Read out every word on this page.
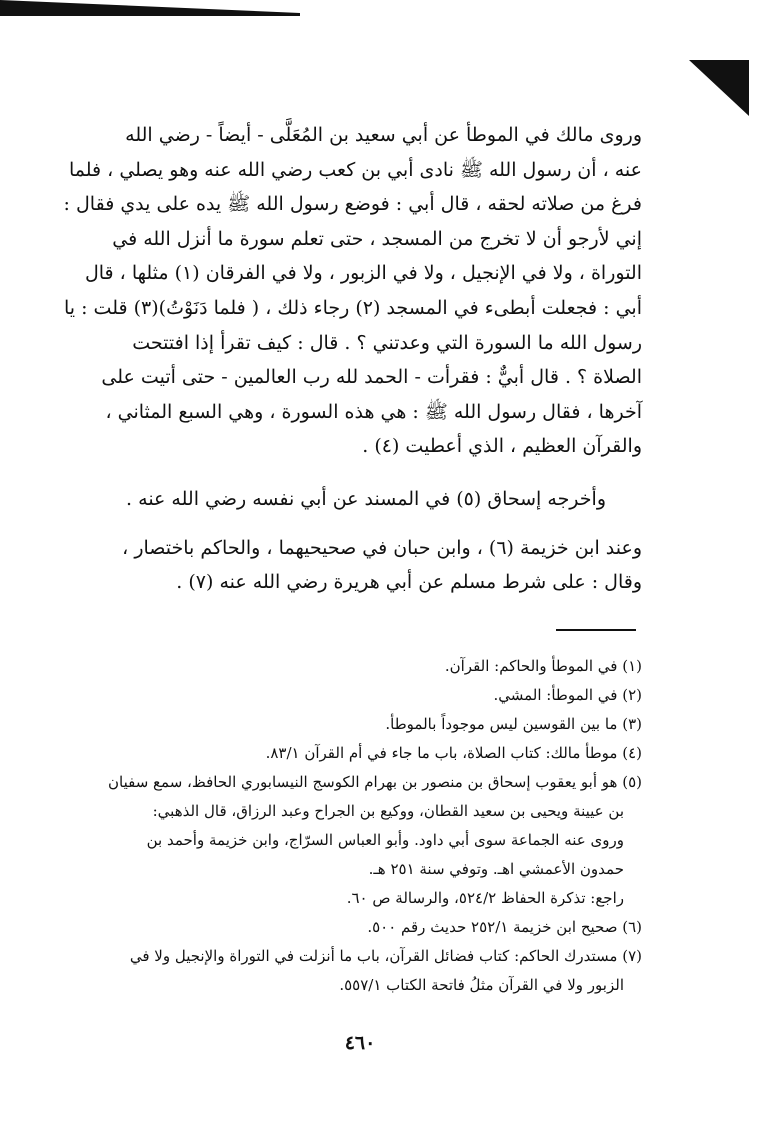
وروى مالك في الموطأ عن أبي سعيد بن المُعَلَّى - أيضاً - رضي الله
عنه ، أن رسول الله ﷺ نادى أبي بن كعب رضي الله عنه وهو يصلي ، فلما
فرغ من صلاته لحقه ، قال أبي : فوضع رسول الله ﷺ يده على يدي فقال :
إني لأرجو أن لا تخرج من المسجد ، حتى تعلم سورة ما أنزل الله في
التوراة ، ولا في الإنجيل ، ولا في الزبور ، ولا في الفرقان (١) مثلها ، قال
أبي : فجعلت أبطىء في المسجد (٢) رجاء ذلك ، ( فلما دَنَوْتُ)(٣) قلت : يا
رسول الله ما السورة التي وعدتني ؟ . قال : كيف تقرأ إذا افتتحت
الصلاة ؟ . قال أبيٌّ : فقرأت - الحمد لله رب العالمين - حتى أتيت على
آخرها ، فقال رسول الله ﷺ : هي هذه السورة ، وهي السبع المثاني ،
والقرآن العظيم ، الذي أعطيت (٤) .

وأخرجه إسحاق (٥) في المسند عن أبي نفسه رضي الله عنه .

وعند ابن خزيمة (٦) ، وابن حبان في صحيحيهما ، والحاكم باختصار ،
وقال : على شرط مسلم عن أبي هريرة رضي الله عنه (٧) .

(١) في الموطأ والحاكم: القرآن.

(٢) في الموطأ: المشي.

(٣) ما بين القوسين ليس موجوداً بالموطأ.

(٤) موطأ مالك: كتاب الصلاة، باب ما جاء في أم القرآن ٨٣/١.

(٥) هو أبو يعقوب إسحاق بن منصور بن بهرام الكوسج النيسابوري الحافظ، سمع سفيان
بن عيينة ويحيى بن سعيد القطان، ووكيع بن الجراح وعبد الرزاق، قال الذهبي:
وروى عنه الجماعة سوى أبي داود. وأبو العباس السرّاج، وابن خزيمة وأحمد بن
حمدون الأعمشي اهـ. وتوفي سنة ٢٥١ هـ.
راجع: تذكرة الحفاظ ٥٢٤/٢، والرسالة ص ٦٠.

(٦) صحيح ابن خزيمة ٢٥٢/١ حديث رقم ٥٠٠.

(٧) مستدرك الحاكم: كتاب فضائل القرآن، باب ما أنزلت في التوراة والإنجيل ولا في
الزبور ولا في القرآن مثلُ فاتحة الكتاب ٥٥٧/١.

٤٦٠
